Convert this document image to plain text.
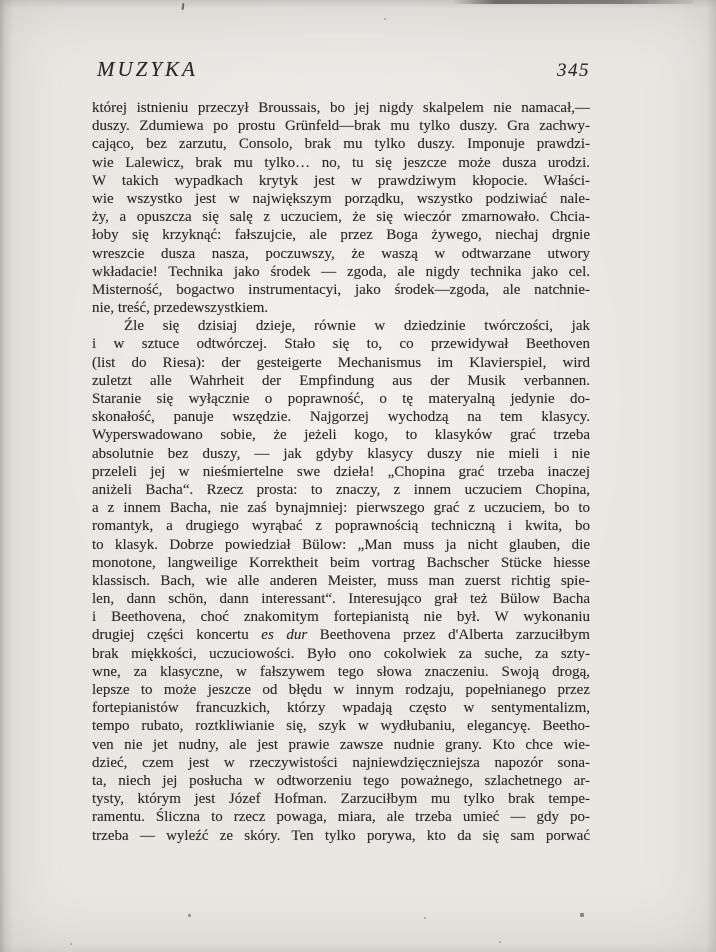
MUZYKA	345
której istnieniu przeczył Broussais, bo jej nigdy skalpelem nie namacał,—
duszy. Zdumiewa po prostu Grünfeld—brak mu tylko duszy. Gra zachwy-
cająco, bez zarzutu, Consolo, brak mu tylko duszy. Imponuje prawdzi-
wie Lalewicz, brak mu tylko… no, tu się jeszcze może dusza urodzi.
W takich wypadkach krytyk jest w prawdziwym kłopocie. Właści-
wie wszystko jest w największym porządku, wszystko podziwiać nale-
ży, a opuszcza się salę z uczuciem, że się wieczór zmarnowało. Chcia-
łoby się krzyknąć: fałszujcie, ale przez Boga żywego, niechaj drgnie
wreszcie dusza nasza, poczuwszy, że waszą w odtwarzane utwory
wkładacie! Technika jako środek — zgoda, ale nigdy technika jako cel.
Misterność, bogactwo instrumentacyi, jako środek—zgoda, ale natchnie-
nie, treść, przedewszystkiem.
Źle się dzisiaj dzieje, równie w dziedzinie twórczości, jak
i w sztuce odtwórczej. Stało się to, co przewidywał Beethoven
(list do Riesa): der gesteigerte Mechanismus im Klavierspiel, wird
zuletzt alle Wahrheit der Empfindung aus der Musik verbannen.
Staranie się wyłącznie o poprawność, o tę materyalną jedynie do-
skonałość, panuje wszędzie. Najgorzej wychodzą na tem klasycy.
Wyperswadowano sobie, że jeżeli kogo, to klasyków grać trzeba
absolutnie bez duszy, — jak gdyby klasycy duszy nie mieli i nie
przeleli jej w nieśmiertelne swe dzieła! „Chopina grać trzeba inaczej
aniżeli Bacha“. Rzecz prosta: to znaczy, z innem uczuciem Chopina,
a z innem Bacha, nie zaś bynajmniej: pierwszego grać z uczuciem, bo to
romantyk, a drugiego wyrąbać z poprawnością techniczną i kwita, bo
to klasyk. Dobrze powiedział Bülow: „Man muss ja nicht glauben, die
monotone, langweilige Korrektheit beim vortrag Bachscher Stücke hiesse
klassisch. Bach, wie alle anderen Meister, muss man zuerst richtig spie-
len, dann schön, dann interessant“. Interesująco grał też Bülow Bacha
i Beethovena, choć znakomitym fortepianistą nie był. W wykonaniu
drugiej części koncertu es dur Beethovena przez d'Alberta zarzuciłbym
brak miękkości, uczuciowości. Było ono cokolwiek za suche, za szty-
wne, za klasyczne, w fałszywem tego słowa znaczeniu. Swoją drogą,
lepsze to może jeszcze od błędu w innym rodzaju, popełnianego przez
fortepianistów francuzkich, którzy wpadają często w sentymentalizm,
tempo rubato, roztkliwianie się, szyk w wydłubaniu, elegancyę. Beetho-
ven nie jet nudny, ale jest prawie zawsze nudnie grany. Kto chce wie-
dzieć, czem jest w rzeczywistości najniewdzięczniejsza napozór sona-
ta, niech jej posłucha w odtworzeniu tego poważnego, szlachetnego ar-
tysty, którym jest Józef Hofman. Zarzuciłbym mu tylko brak tempe-
ramentu. Śliczna to rzecz powaga, miara, ale trzeba umieć — gdy po-
trzeba — wyleźć ze skóry. Ten tylko porywa, kto da się sam porwać
